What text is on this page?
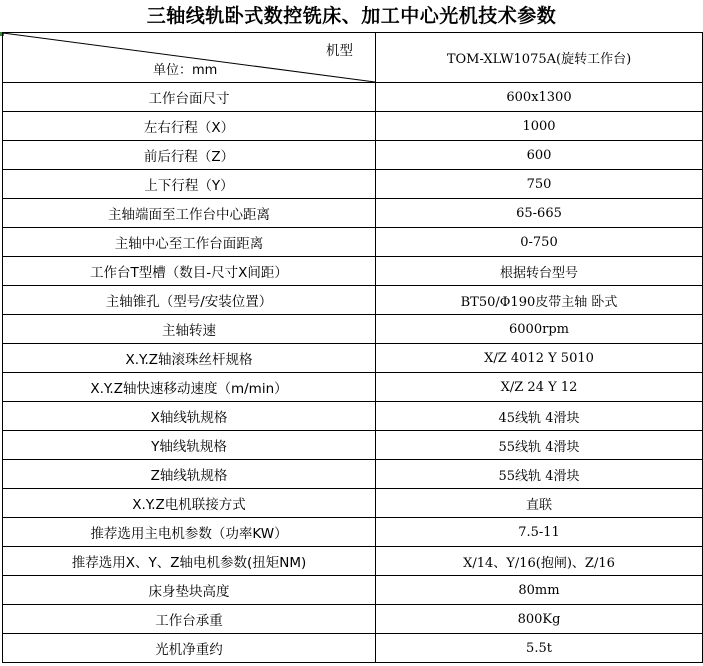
三轴线轨卧式数控铣床、加工中心光机技术参数
机型
单位：mm	TOM-XLW1075A(旋转工作台)
工作台面尺寸	600x1300
左右行程（X）	1000
前后行程（Z）	600
上下行程（Y）	750
主轴端面至工作台中心距离	65-665
主轴中心至工作台面距离	0-750
工作台T型槽（数目-尺寸X间距）	根据转台型号
主轴锥孔（型号/安装位置）	BT50/Φ190皮带主轴 卧式
主轴转速	6000rpm
X.Y.Z轴滚珠丝杆规格	X/Z 4012 Y 5010
X.Y.Z轴快速移动速度（m/min）	X/Z 24 Y 12
X轴线轨规格	45线轨 4滑块
Y轴线轨规格	55线轨 4滑块
Z轴线轨规格	55线轨 4滑块
X.Y.Z电机联接方式	直联
推荐选用主电机参数（功率KW）	7.5-11
推荐选用X、Y、Z轴电机参数(扭矩NM)	X/14、Y/16(抱闸)、Z/16
床身垫块高度	80mm
工作台承重	800Kg
光机净重约	5.5t
